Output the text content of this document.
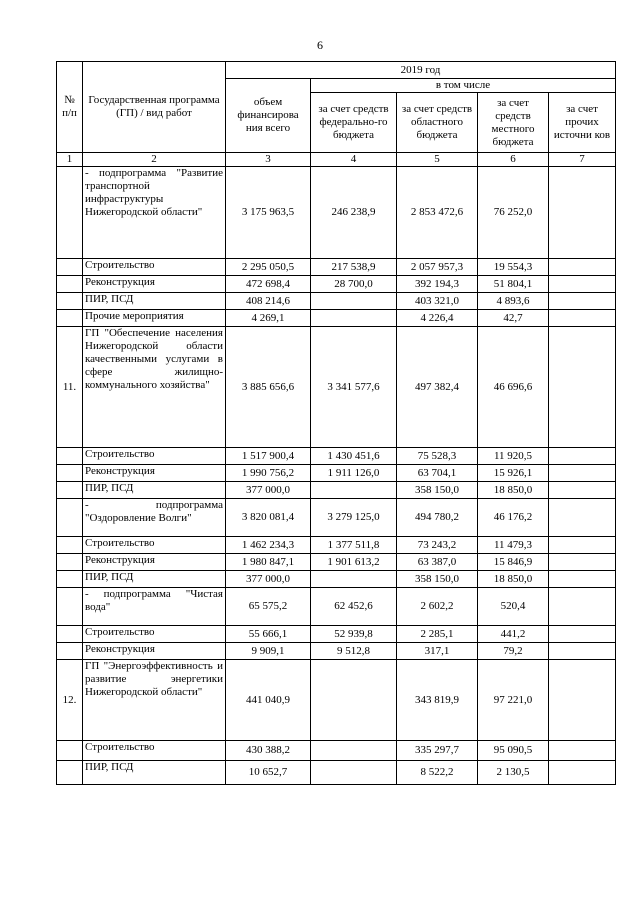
6
№ п/п	Государственная программа (ГП) / вид работ	2019 год				
		объем финансирова ния всего	в том числе			
			за счет средств федерально-го бюджета	за счет средств областного бюджета	за счет средств местного бюджета	за счет прочих источни ков
1	2	3	4	5	6	7

	- подпрограмма "Развитие транспортной инфраструктуры Нижегородской области"	3 175 963,5	246 238,9	2 853 472,6	76 252,0	

	Строительство	2 295 050,5	217 538,9	2 057 957,3	19 554,3	

	Реконструкция	472 698,4	28 700,0	392 194,3	51 804,1	

	ПИР, ПСД	408 214,6		403 321,0	4 893,6	

	Прочие мероприятия	4 269,1		4 226,4	42,7	
11.	ГП "Обеспечение населения Нижегородской области качественными услугами в сфере жилищно-коммунального хозяйства"	3 885 656,6	3 341 577,6	497 382,4	46 696,6	

	Строительство	1 517 900,4	1 430 451,6	75 528,3	11 920,5	

	Реконструкция	1 990 756,2	1 911 126,0	63 704,1	15 926,1	

	ПИР, ПСД	377 000,0		358 150,0	18 850,0	

	- подпрограмма "Оздоровление Волги"	3 820 081,4	3 279 125,0	494 780,2	46 176,2	

	Строительство	1 462 234,3	1 377 511,8	73 243,2	11 479,3	

	Реконструкция	1 980 847,1	1 901 613,2	63 387,0	15 846,9	

	ПИР, ПСД	377 000,0		358 150,0	18 850,0	

	- подпрограмма "Чистая вода"	65 575,2	62 452,6	2 602,2	520,4	

	Строительство	55 666,1	52 939,8	2 285,1	441,2	

	Реконструкция	9 909,1	9 512,8	317,1	79,2	
12.	ГП "Энергоэффективность и развитие энергетики Нижегородской области"	441 040,9		343 819,9	97 221,0	

	Строительство	430 388,2		335 297,7	95 090,5	

	ПИР, ПСД	10 652,7		8 522,2	2 130,5	
